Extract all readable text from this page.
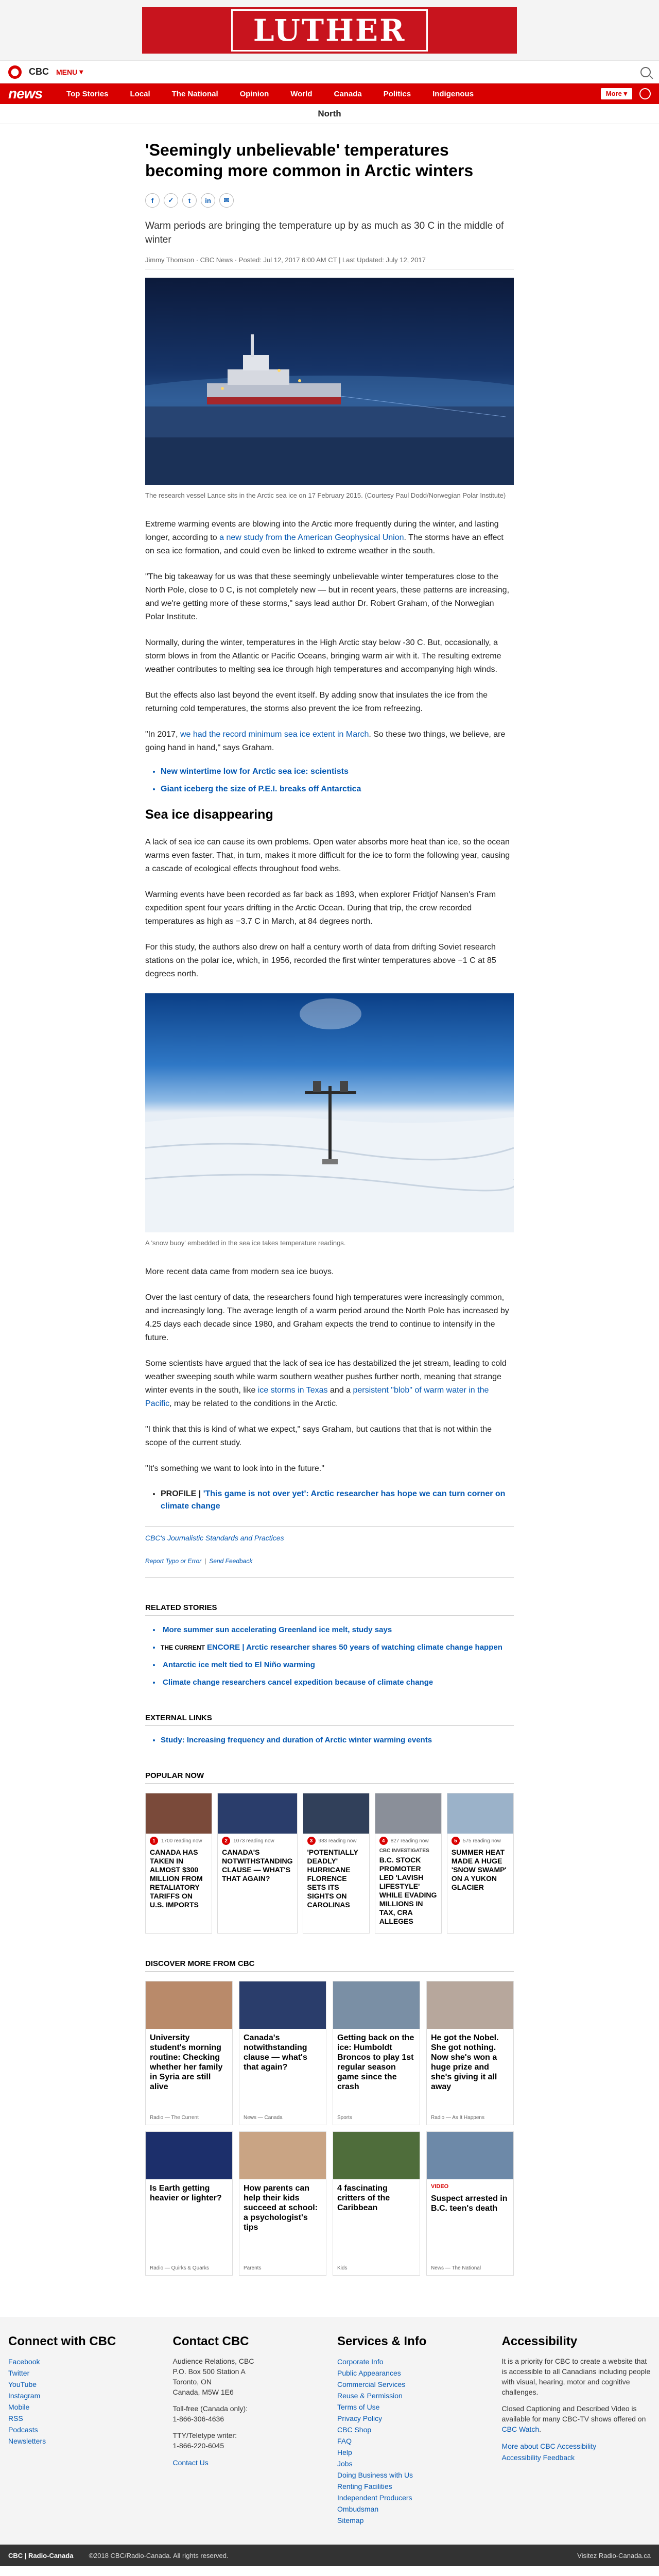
LUTHER
⬤ CBC MENU ▾
news	Top Stories	Local	The National	Opinion	World	Canada	Politics	Indigenous	More ▾
North
'Seemingly unbelievable' temperatures becoming more common in Arctic winters
f	✓	t	in	✉
Warm periods are bringing the temperature up by as much as 30 C in the middle of winter
Jimmy Thomson · CBC News · Posted: Jul 12, 2017 6:00 AM CT | Last Updated: July 12, 2017
The research vessel Lance sits in the Arctic sea ice on 17 February 2015. (Courtesy Paul Dodd/Norwegian Polar Institute)

Extreme warming events are blowing into the Arctic more frequently during the winter, and lasting longer, according to a new study from the American Geophysical Union. The storms have an effect on sea ice formation, and could even be linked to extreme weather in the south.

"The big takeaway for us was that these seemingly unbelievable winter temperatures close to the North Pole, close to 0 C, is not completely new — but in recent years, these patterns are increasing, and we're getting more of these storms," says lead author Dr. Robert Graham, of the Norwegian Polar Institute.

Normally, during the winter, temperatures in the High Arctic stay below -30 C. But, occasionally, a storm blows in from the Atlantic or Pacific Oceans, bringing warm air with it. The resulting extreme weather contributes to melting sea ice through high temperatures and accompanying high winds.

But the effects also last beyond the event itself. By adding snow that insulates the ice from the returning cold temperatures, the storms also prevent the ice from refreezing.

"In 2017, we had the record minimum sea ice extent in March. So these two things, we believe, are going hand in hand," says Graham.

• New wintertime low for Arctic sea ice: scientists
• Giant iceberg the size of P.E.I. breaks off Antarctica
Sea ice disappearing

A lack of sea ice can cause its own problems. Open water absorbs more heat than ice, so the ocean warms even faster. That, in turn, makes it more difficult for the ice to form the following year, causing a cascade of ecological effects throughout food webs.

Warming events have been recorded as far back as 1893, when explorer Fridtjof Nansen's Fram expedition spent four years drifting in the Arctic Ocean. During that trip, the crew recorded temperatures as high as −3.7 C in March, at 84 degrees north.

For this study, the authors also drew on half a century worth of data from drifting Soviet research stations on the polar ice, which, in 1956, recorded the first winter temperatures above −1 C at 85 degrees north.

A 'snow buoy' embedded in the sea ice takes temperature readings.

More recent data came from modern sea ice buoys.

Over the last century of data, the researchers found high temperatures were increasingly common, and increasingly long. The average length of a warm period around the North Pole has increased by 4.25 days each decade since 1980, and Graham expects the trend to continue to intensify in the future.

Some scientists have argued that the lack of sea ice has destabilized the jet stream, leading to cold weather sweeping south while warm southern weather pushes further north, meaning that strange winter events in the south, like ice storms in Texas and a persistent "blob" of warm water in the Pacific, may be related to the conditions in the Arctic.

"I think that this is kind of what we expect," says Graham, but cautions that that is not within the scope of the current study.

"It's something we want to look into in the future."

• PROFILE | 'This game is not over yet': Arctic researcher has hope we can turn corner on climate change
CBC's Journalistic Standards and Practices
Report Typo or Error | Send Feedback
RELATED STORIES
• More summer sun accelerating Greenland ice melt, study says
• THE CURRENT ENCORE | Arctic researcher shares 50 years of watching climate change happen
• Antarctic ice melt tied to El Niño warming
• Climate change researchers cancel expedition because of climate change
EXTERNAL LINKS
• Study: Increasing frequency and duration of Arctic winter warming events
POPULAR NOW
1	1700 reading now
CANADA HAS TAKEN IN ALMOST $300 MILLION FROM RETALIATORY TARIFFS ON U.S. IMPORTS
2	1073 reading now
CANADA'S NOTWITHSTANDING CLAUSE — WHAT'S THAT AGAIN?
3	983 reading now
'POTENTIALLY DEADLY' HURRICANE FLORENCE SETS ITS SIGHTS ON CAROLINAS
4	827 reading now
CBC INVESTIGATES
B.C. STOCK PROMOTER LED 'LAVISH LIFESTYLE' WHILE EVADING MILLIONS IN TAX, CRA ALLEGES
5	575 reading now
SUMMER HEAT MADE A HUGE 'SNOW SWAMP' ON A YUKON GLACIER
DISCOVER MORE FROM CBC
University student's morning routine: Checking whether her family in Syria are still alive
Radio — The Current
Canada's notwithstanding clause — what's that again?
News — Canada
Getting back on the ice: Humboldt Broncos to play 1st regular season game since the crash
Sports
He got the Nobel. She got nothing. Now she's won a huge prize and she's giving it all away
Radio — As It Happens
Is Earth getting heavier or lighter?
Radio — Quirks & Quarks
How parents can help their kids succeed at school: a psychologist's tips
Parents
4 fascinating critters of the Caribbean
Kids
VIDEO
Suspect arrested in B.C. teen's death
News — The National
Connect with CBC
Facebook
Twitter
YouTube
Instagram
Mobile
RSS
Podcasts
Newsletters
Contact CBC
Audience Relations, CBC
P.O. Box 500 Station A
Toronto, ON
Canada, M5W 1E6
Toll-free (Canada only):
1-866-306-4636
TTY/Teletype writer:
1-866-220-6045
Contact Us
Services & Info
Corporate Info
Public Appearances
Commercial Services
Reuse & Permission
Terms of Use
Privacy Policy
CBC Shop
FAQ
Help
Jobs
Doing Business with Us
Renting Facilities
Independent Producers
Ombudsman
Sitemap
Accessibility
It is a priority for CBC to create a website that is accessible to all Canadians including people with visual, hearing, motor and cognitive challenges.
Closed Captioning and Described Video is available for many CBC-TV shows offered on CBC Watch.
More about CBC Accessibility
Accessibility Feedback
CBC | Radio-Canada ©2018 CBC/Radio-Canada. All rights reserved.	Visitez Radio-Canada.ca
